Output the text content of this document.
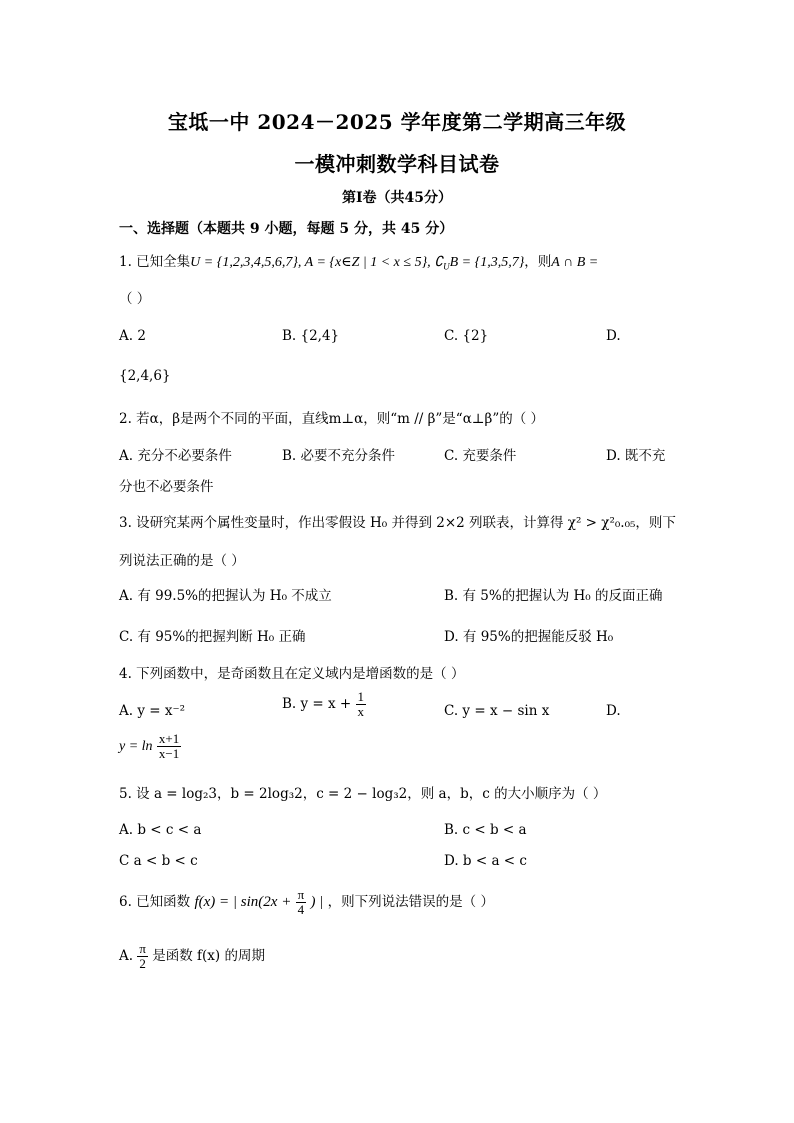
宝坻一中 2024－2025 学年度第二学期高三年级
一模冲刺数学科目试卷
第Ⅰ卷（共45分）
一、选择题（本题共 9 小题，每题 5 分，共 45 分）
1. 已知全集U = {1,2,3,4,5,6,7}, A = {x∈Z | 1 < x ≤ 5}, $∁_UB = \{1,3,5,7\}$，则A ∩ B =
（ ）
A. 2	B. {2,4}	C. {2}	D.
{2,4,6}
2. 若α，β是两个不同的平面，直线m⊥α，则“m // β”是“α⊥β”的（ ）
A. 充分不必要条件	B. 必要不充分条件	C. 充要条件	D. 既不充
分也不必要条件
3. 设研究某两个属性变量时，作出零假设 H₀ 并得到 2×2 列联表，计算得 χ² > χ²₀.₀₅，则下
列说法正确的是（ ）
A. 有 99.5%的把握认为 H₀ 不成立	B. 有 5%的把握认为 H₀ 的反面正确
C. 有 95%的把握判断 H₀ 正确	D. 有 95%的把握能反驳 H₀
4. 下列函数中，是奇函数且在定义域内是增函数的是（ ）
A. y = x⁻²	B. $y = x + \frac{1}{x}$	C. y = x − sin x	D.
$y = \ln \frac{x+1}{x-1}$
5. 设 a = log₂3，b = 2log₃2，c = 2 − log₃2，则 a，b，c 的大小顺序为（ ）
A. b < c < a	B. c < b < a
C a < b < c	D. b < a < c
6. 已知函数 f(x) = | $\sin(2x + \frac{\pi}{4}$ ) | ，则下列说法错误的是（ ）
A. $\frac{\pi}{2}$ 是函数 f(x) 的周期
